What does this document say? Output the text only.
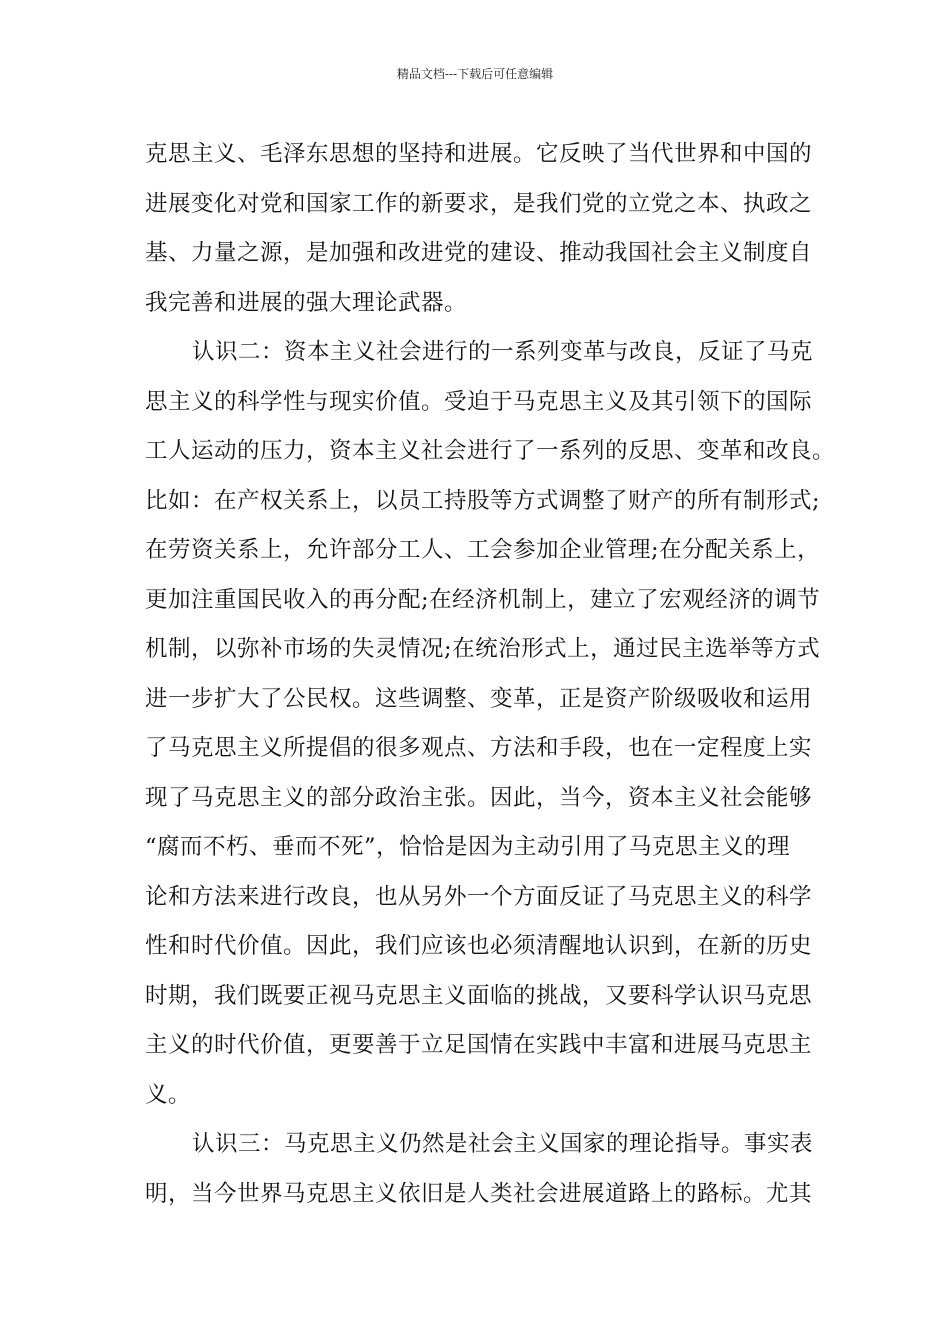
精品文档---下载后可任意编辑
克思主义、毛泽东思想的坚持和进展。它反映了当代世界和中国的
进展变化对党和国家工作的新要求，是我们党的立党之本、执政之
基、力量之源，是加强和改进党的建设、推动我国社会主义制度自
我完善和进展的强大理论武器。
认识二：资本主义社会进行的一系列变革与改良，反证了马克
思主义的科学性与现实价值。受迫于马克思主义及其引领下的国际
工人运动的压力，资本主义社会进行了一系列的反思、变革和改良。
比如：在产权关系上，以员工持股等方式调整了财产的所有制形式;
在劳资关系上，允许部分工人、工会参加企业管理;在分配关系上，
更加注重国民收入的再分配;在经济机制上，建立了宏观经济的调节
机制，以弥补市场的失灵情况;在统治形式上，通过民主选举等方式
进一步扩大了公民权。这些调整、变革，正是资产阶级吸收和运用
了马克思主义所提倡的很多观点、方法和手段，也在一定程度上实
现了马克思主义的部分政治主张。因此，当今，资本主义社会能够
“腐而不朽、垂而不死”，恰恰是因为主动引用了马克思主义的理
论和方法来进行改良，也从另外一个方面反证了马克思主义的科学
性和时代价值。因此，我们应该也必须清醒地认识到，在新的历史
时期，我们既要正视马克思主义面临的挑战，又要科学认识马克思
主义的时代价值，更要善于立足国情在实践中丰富和进展马克思主
义。
认识三：马克思主义仍然是社会主义国家的理论指导。事实表
明，当今世界马克思主义依旧是人类社会进展道路上的路标。尤其
